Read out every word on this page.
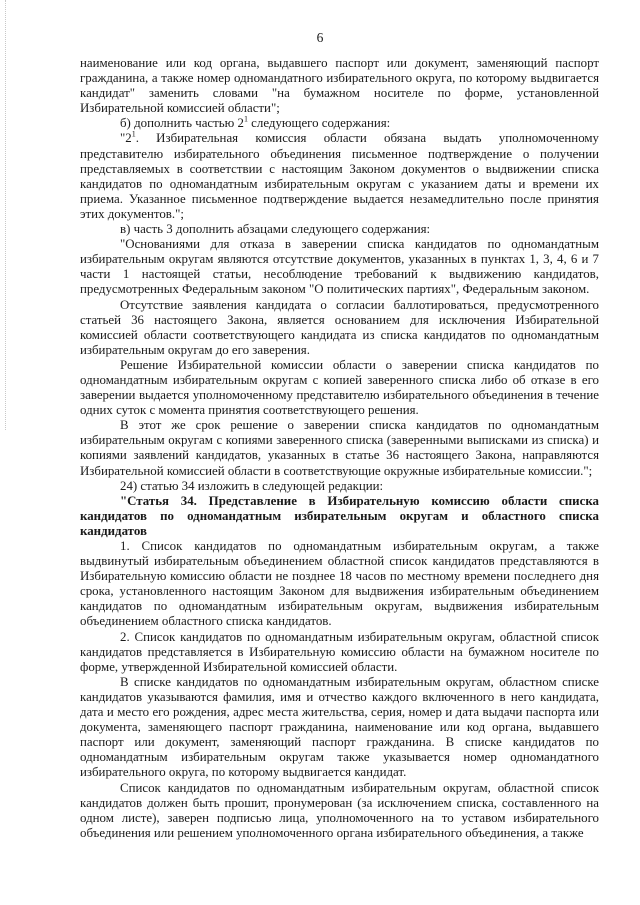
6

наименование или код органа, выдавшего паспорт или документ, заменяющий паспорт гражданина, а также номер одномандатного избирательного округа, по которому выдвигается кандидат" заменить словами "на бумажном носителе по форме, установленной Избирательной комиссией области";

б) дополнить частью $2^1$ следующего содержания:

"$2^1$. Избирательная комиссия области обязана выдать уполномоченному представителю избирательного объединения письменное подтверждение о получении представляемых в соответствии с настоящим Законом документов о выдвижении списка кандидатов по одномандатным избирательным округам с указанием даты и времени их приема. Указанное письменное подтверждение выдается незамедлительно после принятия этих документов.";

в) часть 3 дополнить абзацами следующего содержания:

"Основаниями для отказа в заверении списка кандидатов по одномандатным избирательным округам являются отсутствие документов, указанных в пунктах 1, 3, 4, 6 и 7 части 1 настоящей статьи, несоблюдение требований к выдвижению кандидатов, предусмотренных Федеральным законом "О политических партиях", Федеральным законом.

Отсутствие заявления кандидата о согласии баллотироваться, предусмотренного статьей 36 настоящего Закона, является основанием для исключения Избирательной комиссией области соответствующего кандидата из списка кандидатов по одномандатным избирательным округам до его заверения.

Решение Избирательной комиссии области о заверении списка кандидатов по одномандатным избирательным округам с копией заверенного списка либо об отказе в его заверении выдается уполномоченному представителю избирательного объединения в течение одних суток с момента принятия соответствующего решения.

В этот же срок решение о заверении списка кандидатов по одномандатным избирательным округам с копиями заверенного списка (заверенными выписками из списка) и копиями заявлений кандидатов, указанных в статье 36 настоящего Закона, направляются Избирательной комиссией области в соответствующие окружные избирательные комиссии.";

24) статью 34 изложить в следующей редакции:

"Статья 34. Представление в Избирательную комиссию области списка кандидатов по одномандатным избирательным округам и областного списка кандидатов

1. Список кандидатов по одномандатным избирательным округам, а также выдвинутый избирательным объединением областной список кандидатов представляются в Избирательную комиссию области не позднее 18 часов по местному времени последнего дня срока, установленного настоящим Законом для выдвижения избирательным объединением кандидатов по одномандатным избирательным округам, выдвижения избирательным объединением областного списка кандидатов.

2. Список кандидатов по одномандатным избирательным округам, областной список кандидатов представляется в Избирательную комиссию области на бумажном носителе по форме, утвержденной Избирательной комиссией области.

В списке кандидатов по одномандатным избирательным округам, областном списке кандидатов указываются фамилия, имя и отчество каждого включенного в него кандидата, дата и место его рождения, адрес места жительства, серия, номер и дата выдачи паспорта или документа, заменяющего паспорт гражданина, наименование или код органа, выдавшего паспорт или документ, заменяющий паспорт гражданина. В списке кандидатов по одномандатным избирательным округам также указывается номер одномандатного избирательного округа, по которому выдвигается кандидат.

Список кандидатов по одномандатным избирательным округам, областной список кандидатов должен быть прошит, пронумерован (за исключением списка, составленного на одном листе), заверен подписью лица, уполномоченного на то уставом избирательного объединения или решением уполномоченного органа избирательного объединения, а также
